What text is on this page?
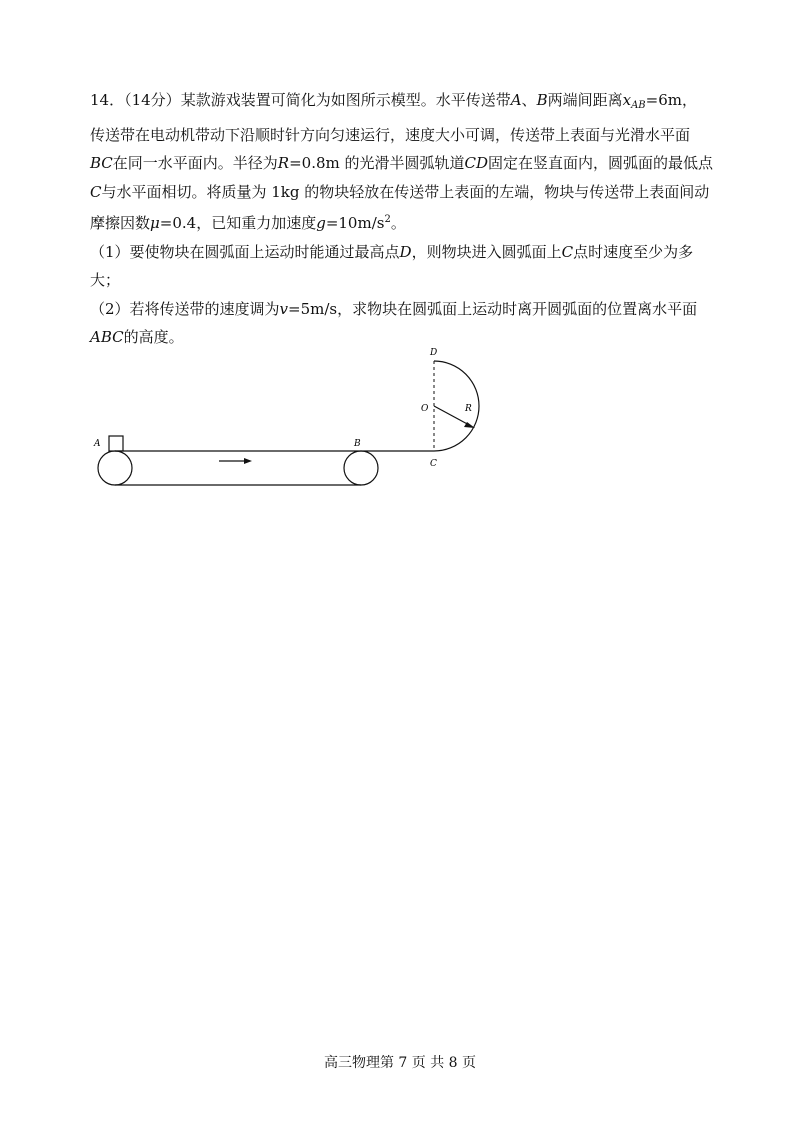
14．（14分）某款游戏装置可简化为如图所示模型。水平传送带A、B两端间距离$x_{AB}=6m$，
传送带在电动机带动下沿顺时针方向匀速运行，速度大小可调，传送带上表面与光滑水平面
BC在同一水平面内。半径为R=0.8m 的光滑半圆弧轨道CD固定在竖直面内，圆弧面的最低点
C与水平面相切。将质量为 1kg 的物块轻放在传送带上表面的左端，物块与传送带上表面间动
摩擦因数μ=0.4，已知重力加速度$g=10m/s^2$。
（1）要使物块在圆弧面上运动时能通过最高点D，则物块进入圆弧面上C点时速度至少为多
大；
（2）若将传送带的速度调为v=5m/s，求物块在圆弧面上运动时离开圆弧面的位置离水平面
ABC的高度。
A	B
C
D
O	R
高三物理第 7 页 共 8 页
